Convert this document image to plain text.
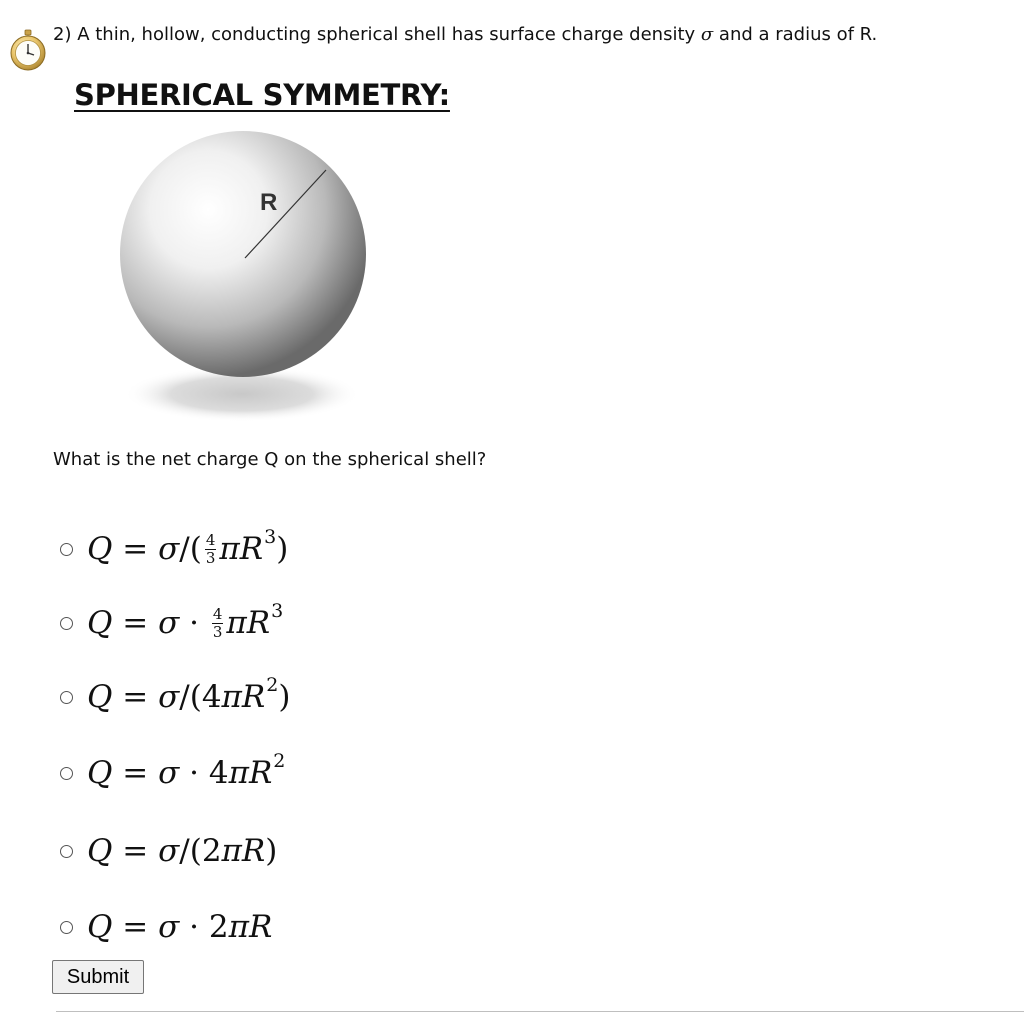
2) A thin, hollow, conducting spherical shell has surface charge density σ and a radius of R.
SPHERICAL SYMMETRY:
R
What is the net charge Q on the spherical shell?
Q = σ /( $\frac{4}{3}$ π R 3 )
$Q = \sigma \cdot \frac{4}{3}$ π R 3
Q = σ /(4 π R 2 )
Q = σ · 4 π R 2
Q = σ /(2 π R )
Q = σ · 2 π R
Submit
